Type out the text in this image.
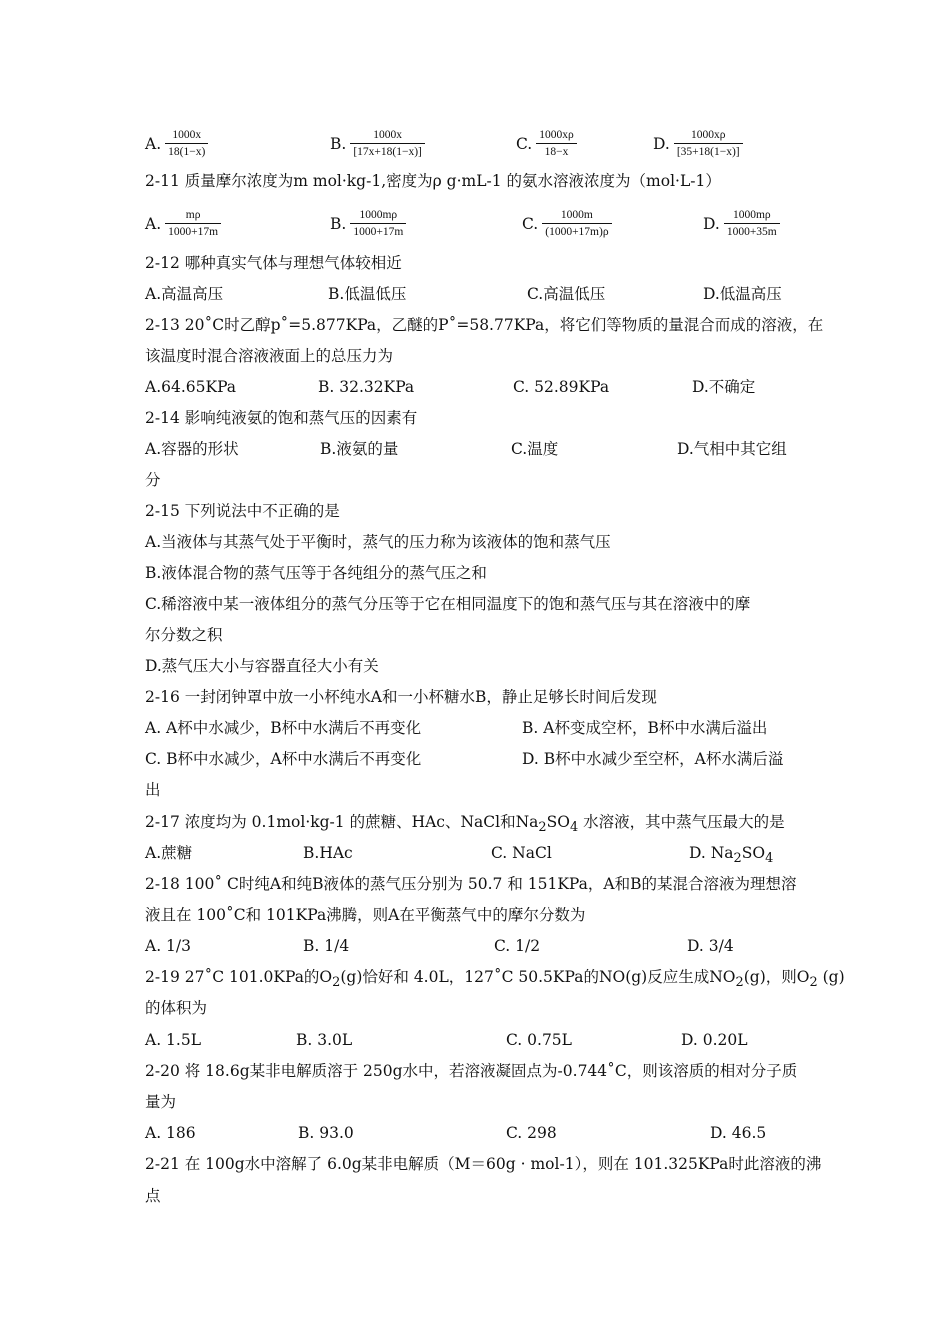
A. $\frac{1000x}{18(1-x)}$	B. $\frac{1000x}{[17x+18(1-x)]}$	C. $\frac{1000x\rho}{18-x}$	D. $\frac{1000x\rho}{[35+18(1-x)]}$
2-11 质量摩尔浓度为m mol·kg-1,密度为ρ g·mL-1 的氨水溶液浓度为（mol·L-1）
A. $\frac{m\rho}{1000+17m}$	B. $\frac{1000m\rho}{1000+17m}$	C. $\frac{1000m}{(1000+17m)\rho}$	D. $\frac{1000m\rho}{1000+35m}$
2-12 哪种真实气体与理想气体较相近
A.高温高压	B.低温低压	C.高温低压	D.低温高压
2-13 20˚C时乙醇p˚=5.877KPa，乙醚的P˚=58.77KPa，将它们等物质的量混合而成的溶液，在
该温度时混合溶液液面上的总压力为
A.64.65KPa	B. 32.32KPa	C. 52.89KPa	D.不确定
2-14 影响纯液氨的饱和蒸气压的因素有
A.容器的形状	B.液氨的量	C.温度	D.气相中其它组
分
2-15 下列说法中不正确的是
A.当液体与其蒸气处于平衡时，蒸气的压力称为该液体的饱和蒸气压
B.液体混合物的蒸气压等于各纯组分的蒸气压之和
C.稀溶液中某一液体组分的蒸气分压等于它在相同温度下的饱和蒸气压与其在溶液中的摩
尔分数之积
D.蒸气压大小与容器直径大小有关
2-16 一封闭钟罩中放一小杯纯水A和一小杯糖水B，静止足够长时间后发现
A. A杯中水减少，B杯中水满后不再变化	B. A杯变成空杯，B杯中水满后溢出
C. B杯中水减少，A杯中水满后不再变化	D. B杯中水减少至空杯，A杯水满后溢
出
2-17 浓度均为 0.1mol·kg-1 的蔗糖、HAc、NaCl和$Na_2SO_4$ 水溶液，其中蒸气压最大的是
A.蔗糖	B.HAc	C. NaCl	D. $Na_2SO_4$
2-18 100˚ C时纯A和纯B液体的蒸气压分别为 50.7 和 151KPa，A和B的某混合溶液为理想溶
液且在 100˚C和 101KPa沸腾，则A在平衡蒸气中的摩尔分数为
A. 1/3	B. 1/4	C. 1/2	D. 3/4
2-19 27˚C 101.0KPa的$O_2(g)$恰好和 4.0L，127˚C 50.5KPa的NO(g)反应生成$NO_2(g)$，则$O_2$ (g)
的体积为
A. 1.5L	B. 3.0L	C. 0.75L	D. 0.20L
2-20 将 18.6g某非电解质溶于 250g水中，若溶液凝固点为-0.744˚C，则该溶质的相对分子质
量为
A. 186	B. 93.0	C. 298	D. 46.5
2-21 在 100g水中溶解了 6.0g某非电解质（M＝60g · mol-1），则在 101.325KPa时此溶液的沸
点
